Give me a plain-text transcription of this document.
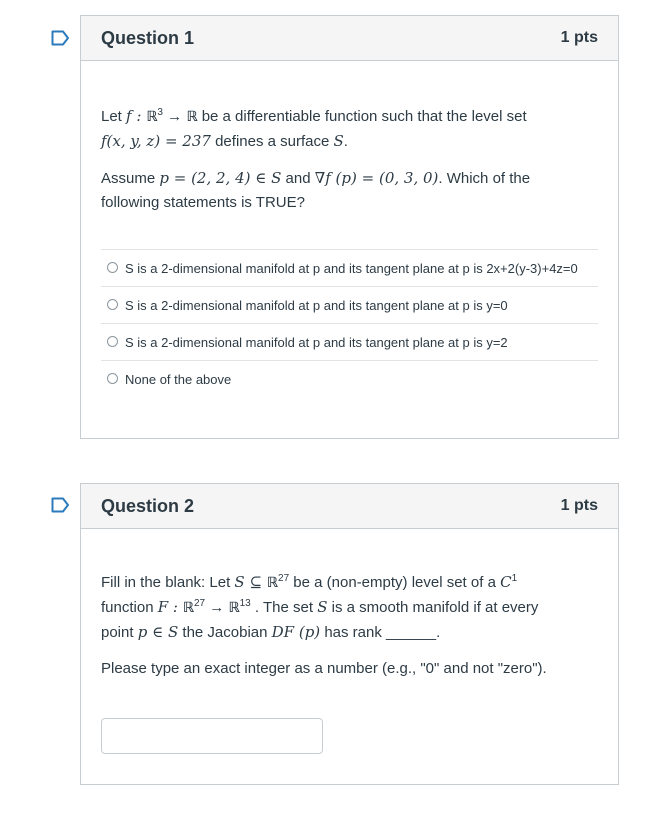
Question 1	1 pts

Let f : ℝ$^3$ → ℝ be a differentiable function such that the level set
f(x, y, z) = 237 defines a surface S.

Assume p = (2, 2, 4) ∈ S and ∇f (p) = (0, 3, 0). Which of the
following statements is TRUE?

S is a 2-dimensional manifold at p and its tangent plane at p is 2x+2(y-3)+4z=0
S is a 2-dimensional manifold at p and its tangent plane at p is y=0
S is a 2-dimensional manifold at p and its tangent plane at p is y=2
None of the above
Question 2	1 pts

Fill in the blank: Let S ⊆ ℝ$^{27}$ be a (non-empty) level set of a $C^1$
function F : ℝ$^{27}$ → ℝ$^{13}$ . The set S is a smooth manifold if at every
point p ∈ S the Jacobian DF (p) has rank ______.

Please type an exact integer as a number (e.g., "0" and not "zero").
